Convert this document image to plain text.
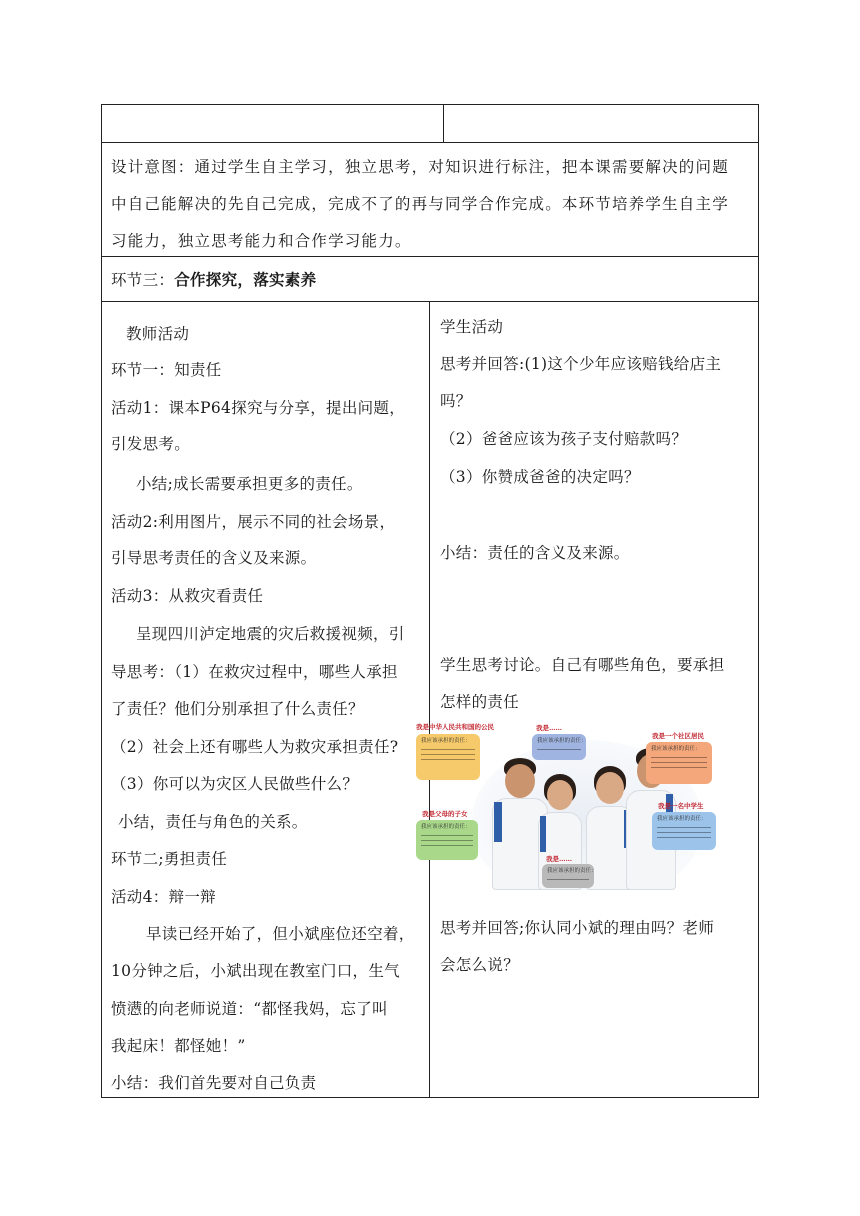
设计意图：通过学生自主学习，独立思考，对知识进行标注，把本课需要解决的问题
中自己能解决的先自己完成，完成不了的再与同学合作完成。本环节培养学生自主学
习能力，独立思考能力和合作学习能力。
环节三：合作探究，落实素养
教师活动
环节一：知责任
活动1：课本P64探究与分享，提出问题，
引发思考。
小结;成长需要承担更多的责任。
活动2:利用图片，展示不同的社会场景，
引导思考责任的含义及来源。
活动3：从救灾看责任
呈现四川泸定地震的灾后救援视频，引
导思考：（1）在救灾过程中，哪些人承担
了责任？他们分别承担了什么责任？
（2）社会上还有哪些人为救灾承担责任?
（3）你可以为灾区人民做些什么？
小结，责任与角色的关系。
环节二;勇担责任
活动4：辩一辩
早读已经开始了，但小斌座位还空着，
10分钟之后，小斌出现在教室门口，生气
愤懑的向老师说道：“都怪我妈，忘了叫
我起床！都怪她！”
小结：我们首先要对自己负责
学生活动
思考并回答:(1)这个少年应该赔钱给店主
吗？
（2）爸爸应该为孩子支付赔款吗？
（3）你赞成爸爸的决定吗？
小结：责任的含义及来源。
学生思考讨论。自己有哪些角色，要承担
怎样的责任
思考并回答;你认同小斌的理由吗？老师
会怎么说？
我是中华人民共和国的公民
我应该承担的责任：
我是……
我应该承担的责任：
我是一个社区居民
我应该承担的责任：
我是父母的子女
我应该承担的责任：
我是一名中学生
我应该承担的责任：
我是……
我应该承担的责任：
